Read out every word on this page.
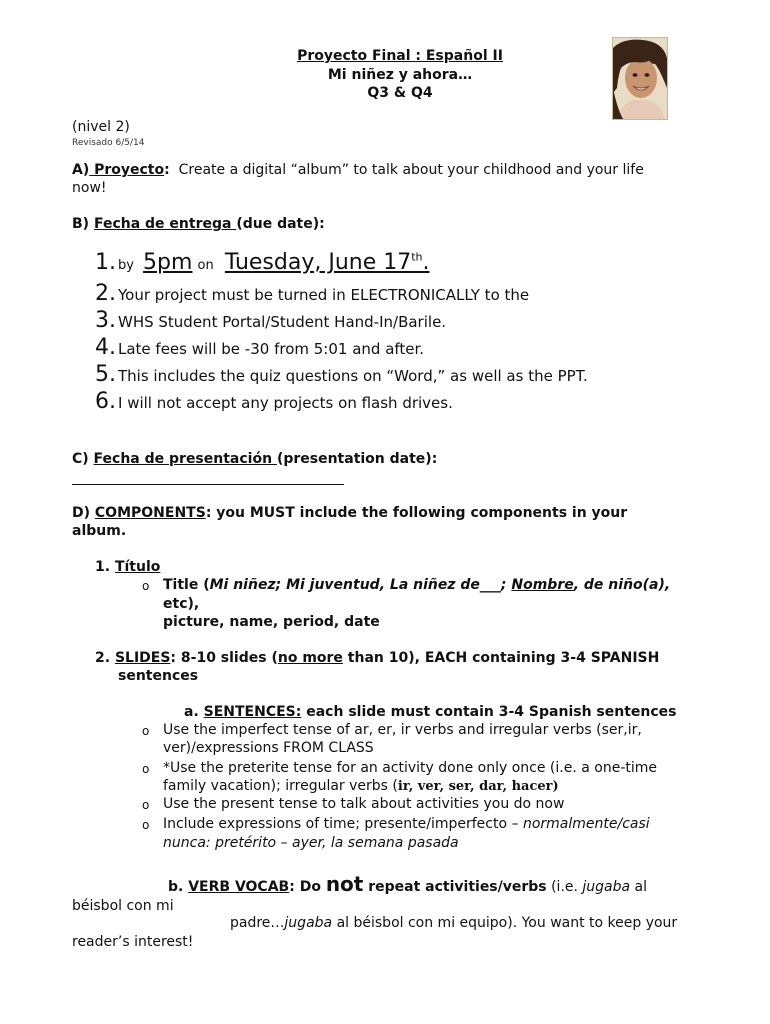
Proyecto Final : Español II
Mi niñez y ahora…
Q3 & Q4
(nivel 2)
Revisado 6/5/14
A) Proyecto: Create a digital “album” to talk about your childhood and your life
now!
B) Fecha de entrega (due date):
1. by 5pm on Tuesday, June 17th.
2. Your project must be turned in ELECTRONICALLY to the
3. WHS Student Portal/Student Hand-In/Barile.
4. Late fees will be -30 from 5:01 and after.
5. This includes the quiz questions on “Word,” as well as the PPT.
6. I will not accept any projects on flash drives.
C) Fecha de presentación (presentation date):
D) COMPONENTS: you MUST include the following components in your
album.
1. Título
o Title (Mi niñez; Mi juventud, La niñez de___; Nombre, de niño(a),
etc),
picture, name, period, date
2. SLIDES: 8-10 slides (no more than 10), EACH containing 3-4 SPANISH
sentences
a. SENTENCES: each slide must contain 3-4 Spanish sentences
o Use the imperfect tense of ar, er, ir verbs and irregular verbs (ser,ir,
ver)/expressions FROM CLASS
o *Use the preterite tense for an activity done only once (i.e. a one-time
family vacation); irregular verbs (ir, ver, ser, dar, hacer)
o Use the present tense to talk about activities you do now
o Include expressions of time; presente/imperfecto – normalmente/casi
nunca: pretérito – ayer, la semana pasada
b. VERB VOCAB: Do not repeat activities/verbs (i.e. jugaba al
béisbol con mi
padre…jugaba al béisbol con mi equipo). You want to keep your
reader’s interest!
